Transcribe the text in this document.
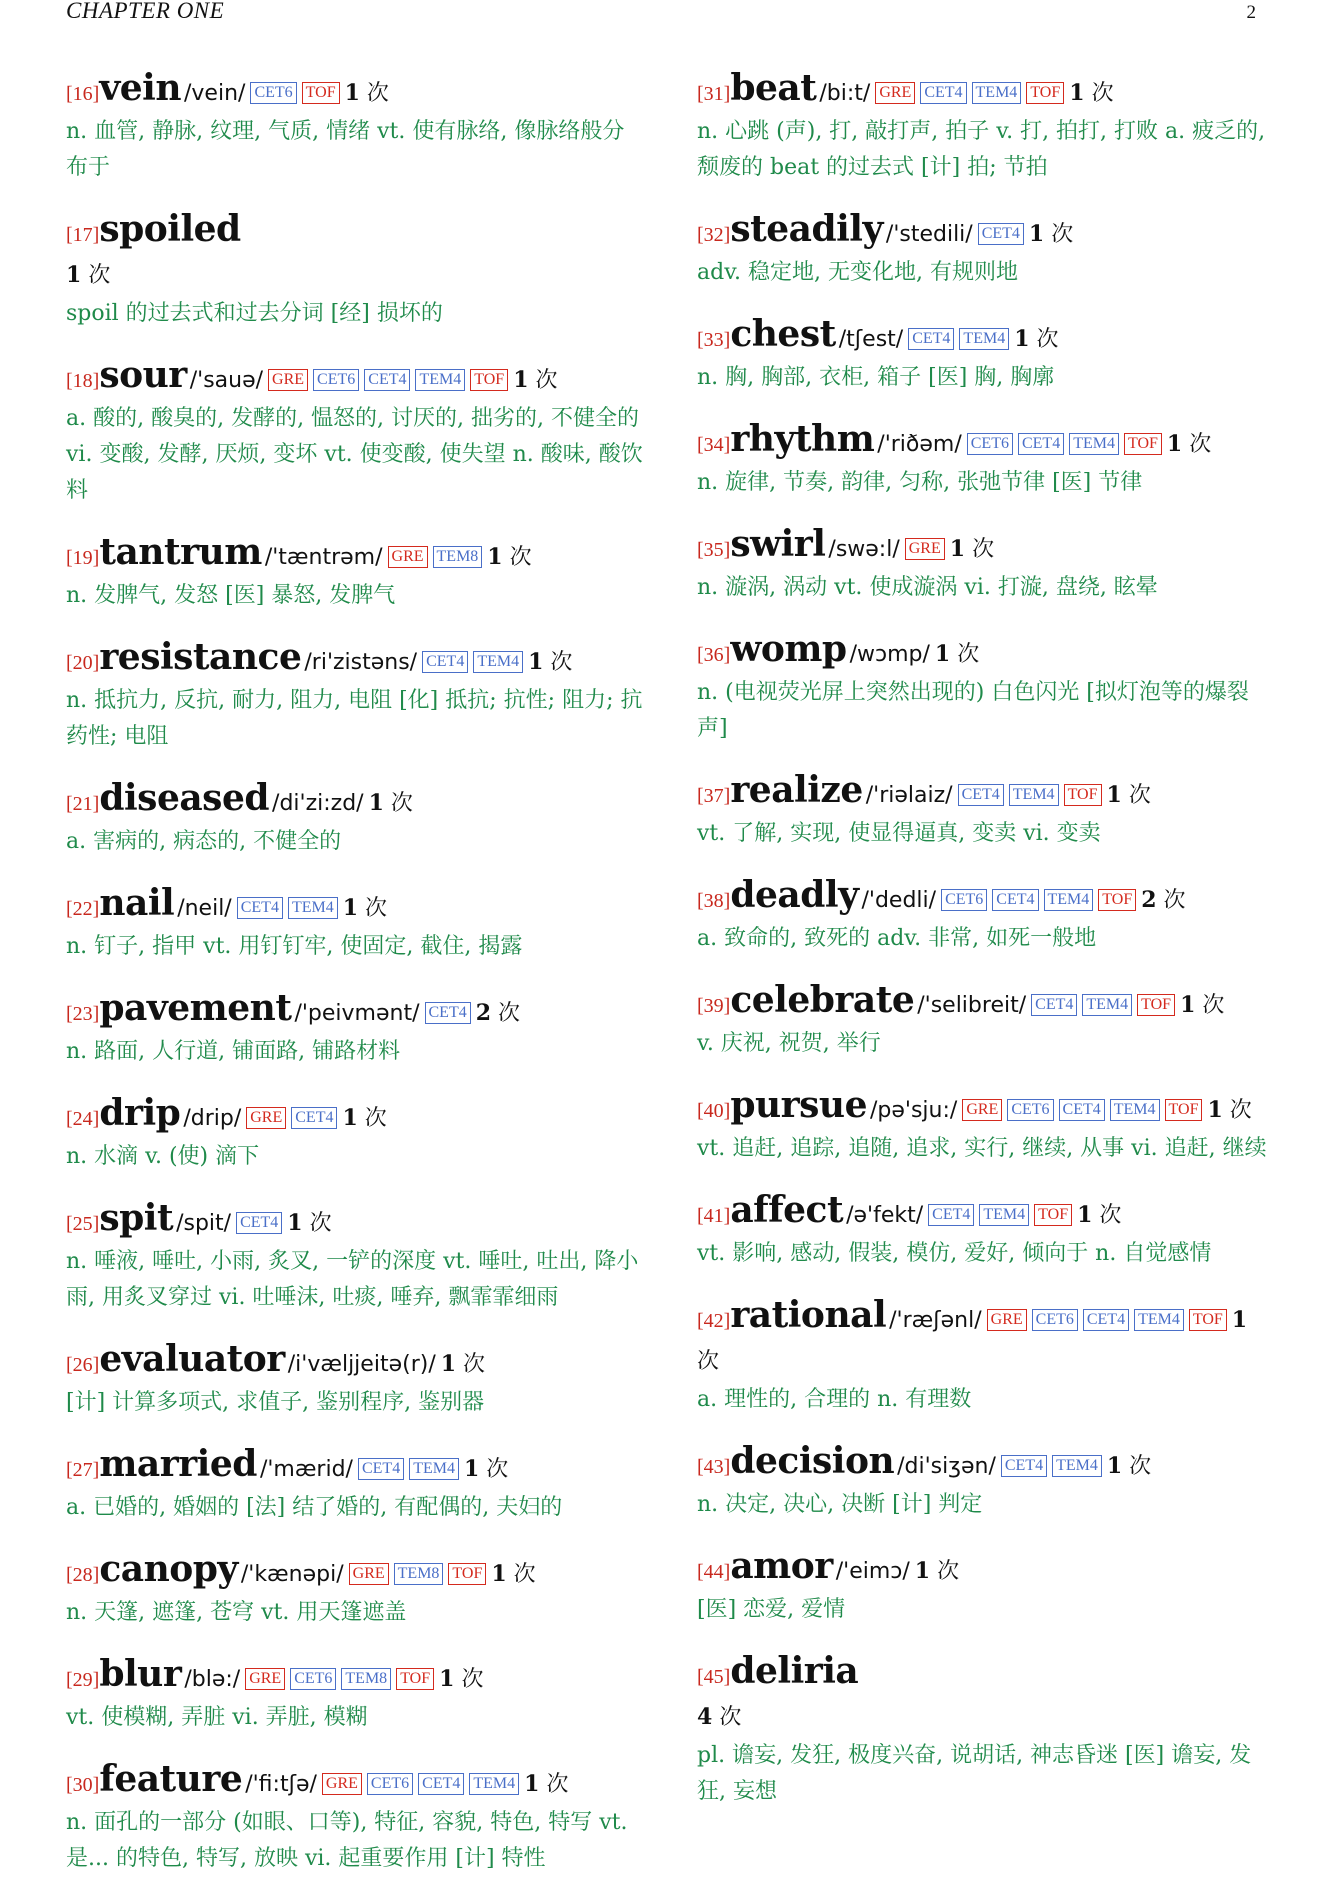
CHAPTER ONE	2
[16]vein /vein/ CET6 TOF 1 次
n. 血管, 静脉, 纹理, 气质, 情绪 vt. 使有脉络, 像脉络般分布于
[17]spoiled
1 次
spoil 的过去式和过去分词 [经] 损坏的
[18]sour /'sauə/ GRE CET6 CET4 TEM4 TOF 1 次
a. 酸的, 酸臭的, 发酵的, 愠怒的, 讨厌的, 拙劣的, 不健全的 vi. 变酸, 发酵, 厌烦, 变坏 vt. 使变酸, 使失望 n. 酸味, 酸饮料
[19]tantrum /'tæntrəm/ GRE TEM8 1 次
n. 发脾气, 发怒 [医] 暴怒, 发脾气
[20]resistance /ri'zistəns/ CET4 TEM4 1 次
n. 抵抗力, 反抗, 耐力, 阻力, 电阻 [化] 抵抗; 抗性; 阻力; 抗药性; 电阻
[21]diseased /di'zi:zd/ 1 次
a. 害病的, 病态的, 不健全的
[22]nail /neil/ CET4 TEM4 1 次
n. 钉子, 指甲 vt. 用钉钉牢, 使固定, 截住, 揭露
[23]pavement /'peivmənt/ CET4 2 次
n. 路面, 人行道, 铺面路, 铺路材料
[24]drip /drip/ GRE CET4 1 次
n. 水滴 v. (使) 滴下
[25]spit /spit/ CET4 1 次
n. 唾液, 唾吐, 小雨, 炙叉, 一铲的深度 vt. 唾吐, 吐出, 降小雨, 用炙叉穿过 vi. 吐唾沫, 吐痰, 唾弃, 飘霏霏细雨
[26]evaluator /i'væljjeitə(r)/ 1 次
[计] 计算多项式, 求值子, 鉴别程序, 鉴别器
[27]married /'mærid/ CET4 TEM4 1 次
a. 已婚的, 婚姻的 [法] 结了婚的, 有配偶的, 夫妇的
[28]canopy /'kænəpi/ GRE TEM8 TOF 1 次
n. 天篷, 遮篷, 苍穹 vt. 用天篷遮盖
[29]blur /blə:/ GRE CET6 TEM8 TOF 1 次
vt. 使模糊, 弄脏 vi. 弄脏, 模糊
[30]feature /'fi:tʃə/ GRE CET6 CET4 TEM4 1 次
n. 面孔的一部分 (如眼、口等), 特征, 容貌, 特色, 特写 vt. 是... 的特色, 特写, 放映 vi. 起重要作用 [计] 特性
[31]beat /bi:t/ GRE CET4 TEM4 TOF 1 次
n. 心跳 (声), 打, 敲打声, 拍子 v. 打, 拍打, 打败 a. 疲乏的, 颓废的 beat 的过去式 [计] 拍; 节拍
[32]steadily /'stedili/ CET4 1 次
adv. 稳定地, 无变化地, 有规则地
[33]chest /tʃest/ CET4 TEM4 1 次
n. 胸, 胸部, 衣柜, 箱子 [医] 胸, 胸廓
[34]rhythm /'riðəm/ CET6 CET4 TEM4 TOF 1 次
n. 旋律, 节奏, 韵律, 匀称, 张弛节律 [医] 节律
[35]swirl /swə:l/ GRE 1 次
n. 漩涡, 涡动 vt. 使成漩涡 vi. 打漩, 盘绕, 眩晕
[36]womp /wɔmp/ 1 次
n. (电视荧光屏上突然出现的) 白色闪光 [拟灯泡等的爆裂声]
[37]realize /'riəlaiz/ CET4 TEM4 TOF 1 次
vt. 了解, 实现, 使显得逼真, 变卖 vi. 变卖
[38]deadly /'dedli/ CET6 CET4 TEM4 TOF 2 次
a. 致命的, 致死的 adv. 非常, 如死一般地
[39]celebrate /'selibreit/ CET4 TEM4 TOF 1 次
v. 庆祝, 祝贺, 举行
[40]pursue /pə'sju:/ GRE CET6 CET4 TEM4 TOF 1 次
vt. 追赶, 追踪, 追随, 追求, 实行, 继续, 从事 vi. 追赶, 继续
[41]affect /ə'fekt/ CET4 TEM4 TOF 1 次
vt. 影响, 感动, 假装, 模仿, 爱好, 倾向于 n. 自觉感情
[42]rational /'ræʃənl/ GRE CET6 CET4 TEM4 TOF 1 次
a. 理性的, 合理的 n. 有理数
[43]decision /di'siʒən/ CET4 TEM4 1 次
n. 决定, 决心, 决断 [计] 判定
[44]amor /'eimɔ/ 1 次
[医] 恋爱, 爱情
[45]deliria
4 次
pl. 谵妄, 发狂, 极度兴奋, 说胡话, 神志昏迷 [医] 谵妄, 发狂, 妄想
